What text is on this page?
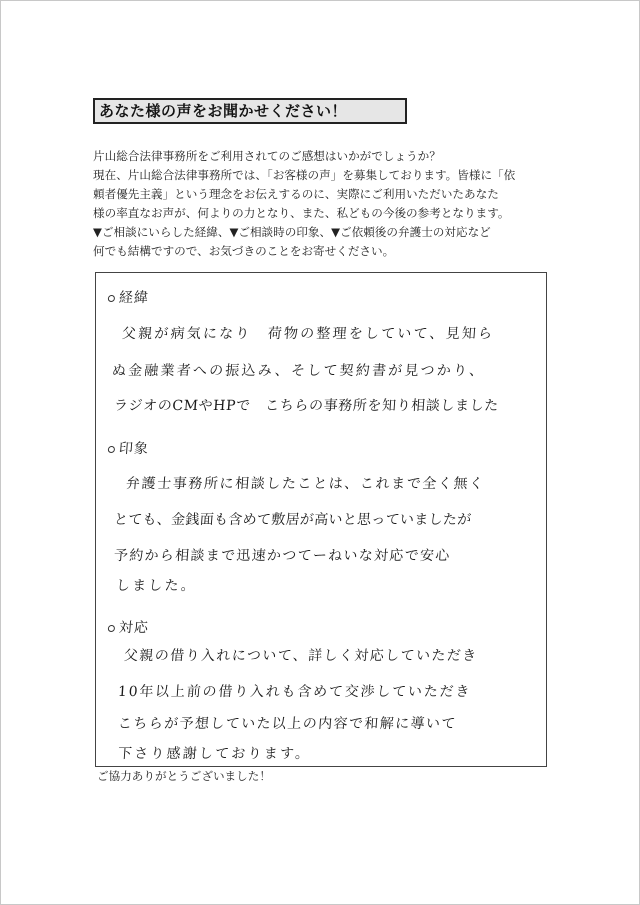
あなた様の声をお聞かせください！
片山総合法律事務所をご利用されてのご感想はいかがでしょうか？
現在、片山総合法律事務所では、「お客様の声」を募集しております。皆様に「依
頼者優先主義」という理念をお伝えするのに、実際にご利用いただいたあなた
様の率直なお声が、何よりの力となり、また、私どもの今後の参考となります。
▼ご相談にいらした経緯、▼ご相談時の印象、▼ご依頼後の弁護士の対応など
何でも結構ですので、お気づきのことをお寄せください。
経緯
父親が病気になり　荷物の整理をしていて、見知ら
ぬ金融業者への振込み、そして契約書が見つかり、
ラジオのCMやHPで　こちらの事務所を知り相談しました
印象
弁護士事務所に相談したことは、これまで全く無く
とても、金銭面も含めて敷居が高いと思っていましたが
予約から相談まで迅速かつてーねいな対応で安心
しました。
対応
父親の借り入れについて、詳しく対応していただき
10年以上前の借り入れも含めて交渉していただき
こちらが予想していた以上の内容で和解に導いて
下さり感謝しております。
ご協力ありがとうございました！
